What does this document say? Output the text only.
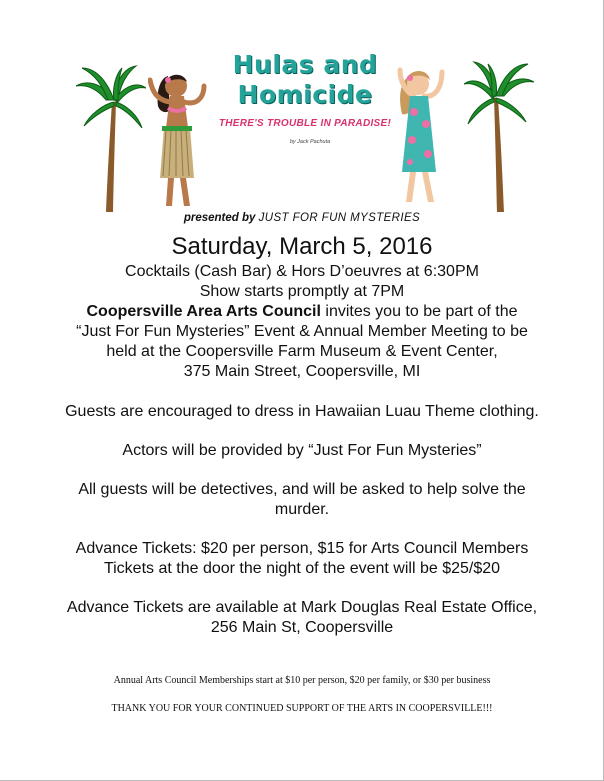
Hulas and
Homicide
THERE'S TROUBLE IN PARADISE!
by Jack Pachuta
presented by JUST FOR FUN MYSTERIES

Saturday, March 5, 2016

Cocktails (Cash Bar) & Hors D’oeuvres at 6:30PM

Show starts promptly at 7PM

Coopersville Area Arts Council invites you to be part of the

“Just For Fun Mysteries” Event & Annual Member Meeting to be

held at the Coopersville Farm Museum & Event Center,

375 Main Street, Coopersville, MI

Guests are encouraged to dress in Hawaiian Luau Theme clothing.

Actors will be provided by “Just For Fun Mysteries”

All guests will be detectives, and will be asked to help solve the

murder.

Advance Tickets: $20 per person, $15 for Arts Council Members

Tickets at the door the night of the event will be $25/$20

Advance Tickets are available at Mark Douglas Real Estate Office,

256 Main St, Coopersville

Annual Arts Council Memberships start at $10 per person, $20 per family, or $30 per business
THANK YOU FOR YOUR CONTINUED SUPPORT OF THE ARTS IN COOPERSVILLE!!!
